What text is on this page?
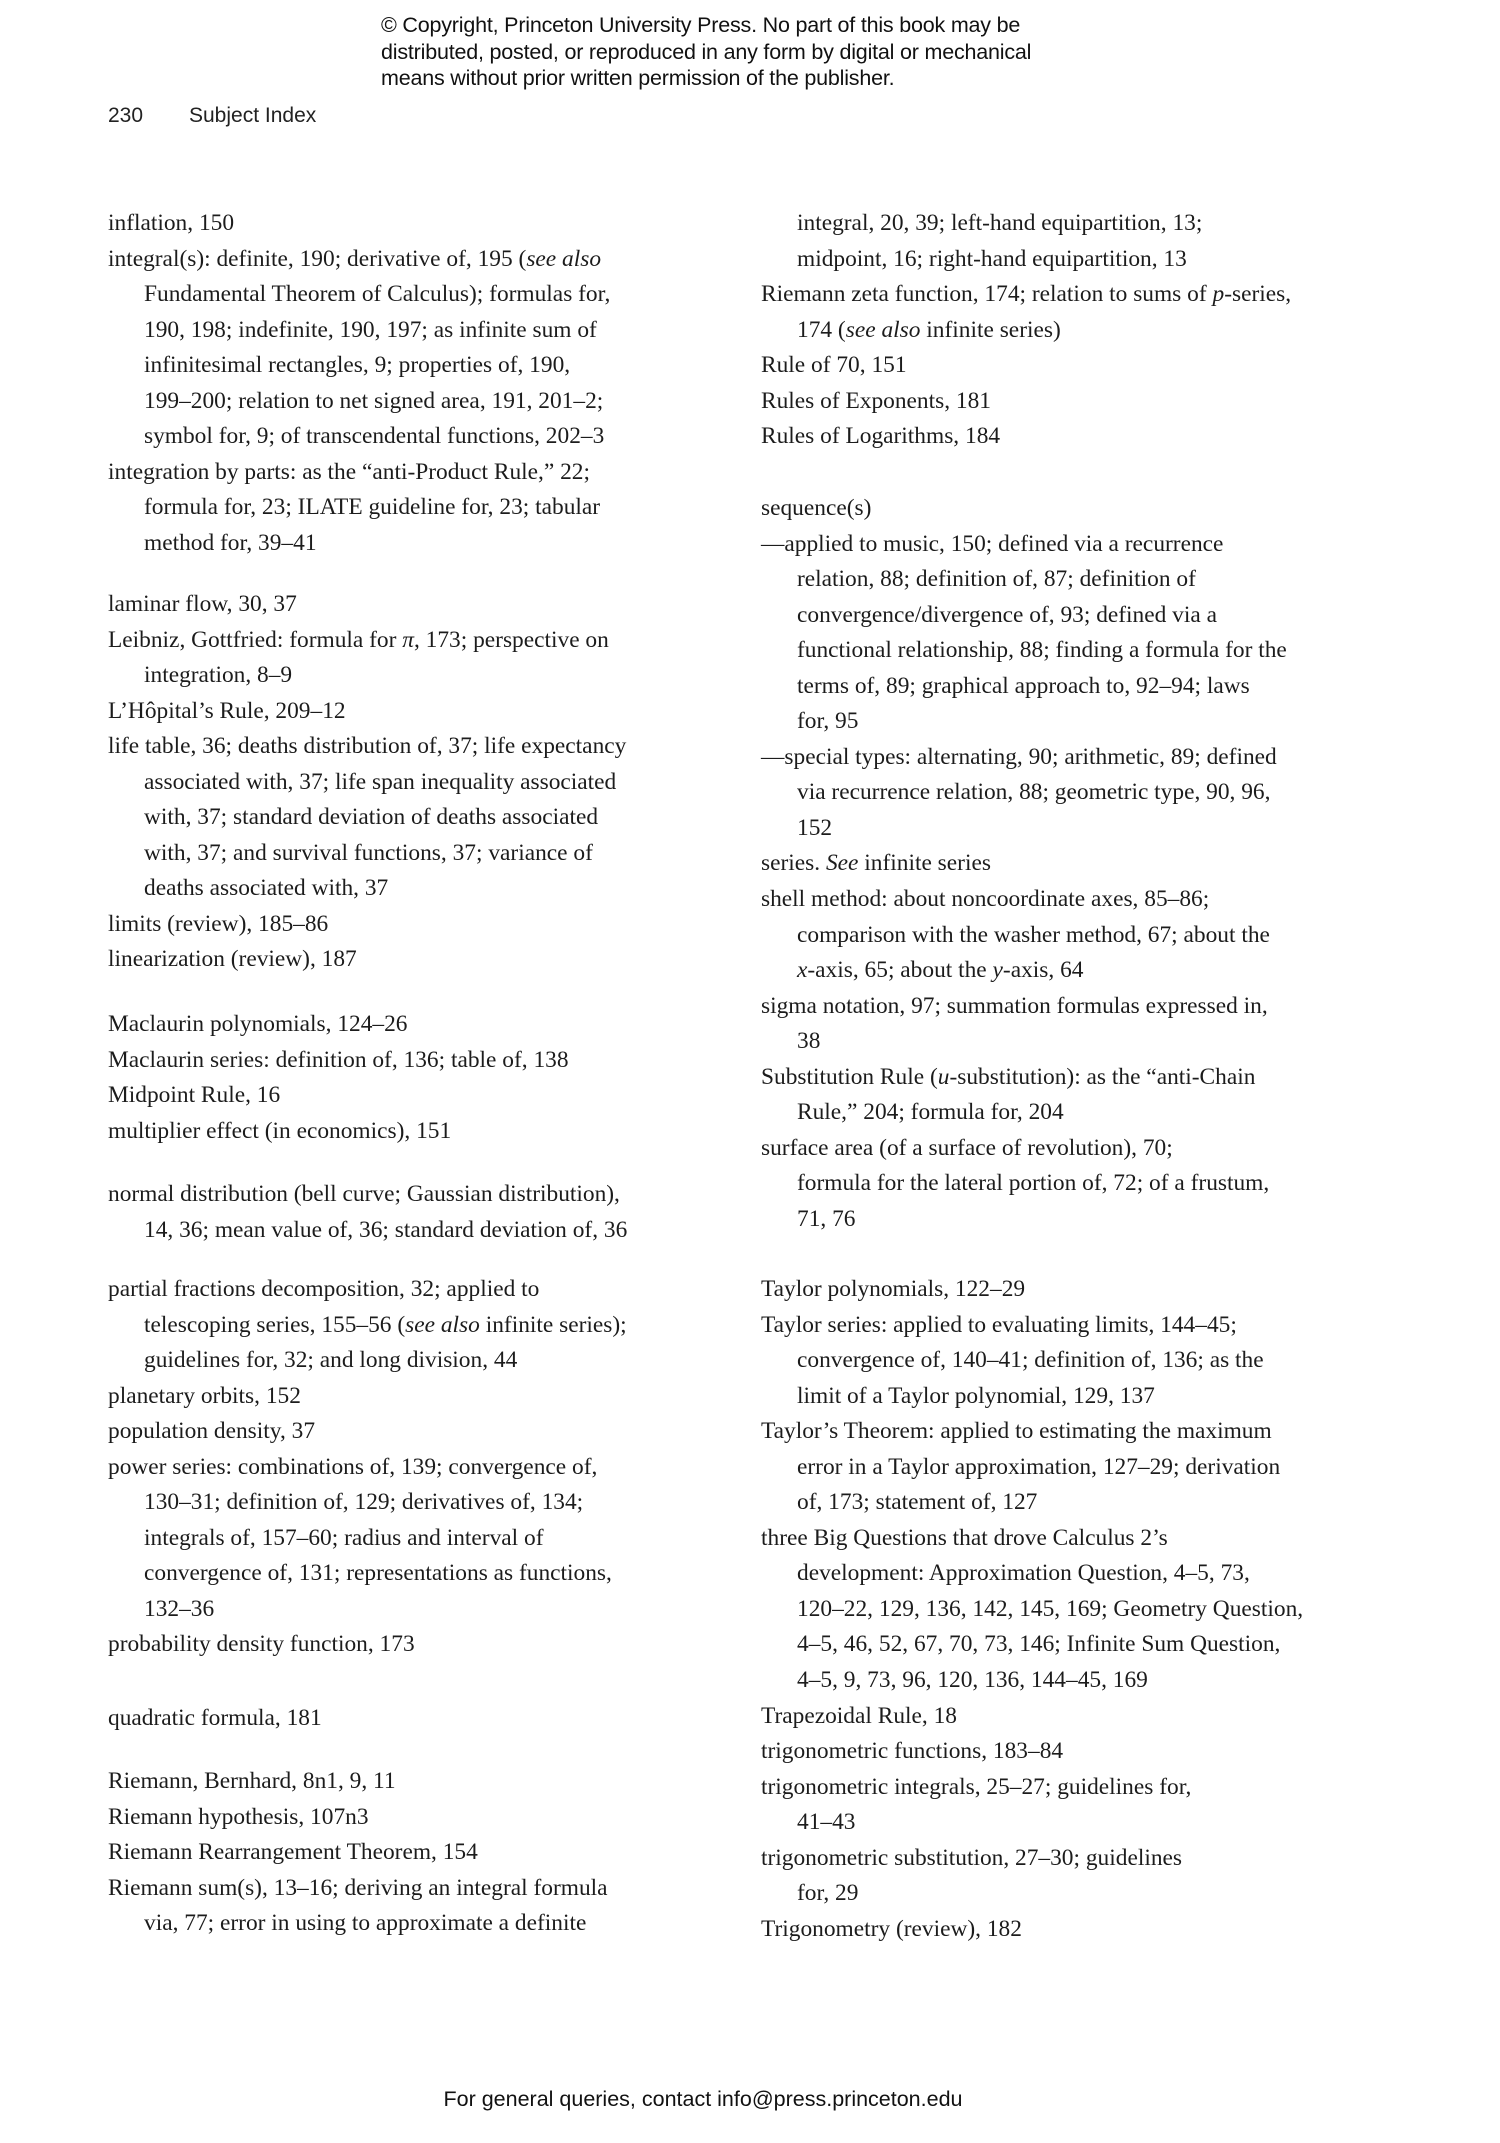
© Copyright, Princeton University Press. No part of this book may be
distributed, posted, or reproduced in any form by digital or mechanical
means without prior written permission of the publisher.
230 Subject Index
inflation, 150
integral(s): definite, 190; derivative of, 195 (see also
Fundamental Theorem of Calculus); formulas for,
190, 198; indefinite, 190, 197; as infinite sum of
infinitesimal rectangles, 9; properties of, 190,
199–200; relation to net signed area, 191, 201–2;
symbol for, 9; of transcendental functions, 202–3
integration by parts: as the “anti-Product Rule,” 22;
formula for, 23; ILATE guideline for, 23; tabular
method for, 39–41
laminar flow, 30, 37
Leibniz, Gottfried: formula for π, 173; perspective on
integration, 8–9
L’Hôpital’s Rule, 209–12
life table, 36; deaths distribution of, 37; life expectancy
associated with, 37; life span inequality associated
with, 37; standard deviation of deaths associated
with, 37; and survival functions, 37; variance of
deaths associated with, 37
limits (review), 185–86
linearization (review), 187
Maclaurin polynomials, 124–26
Maclaurin series: definition of, 136; table of, 138
Midpoint Rule, 16
multiplier effect (in economics), 151
normal distribution (bell curve; Gaussian distribution),
14, 36; mean value of, 36; standard deviation of, 36
partial fractions decomposition, 32; applied to
telescoping series, 155–56 (see also infinite series);
guidelines for, 32; and long division, 44
planetary orbits, 152
population density, 37
power series: combinations of, 139; convergence of,
130–31; definition of, 129; derivatives of, 134;
integrals of, 157–60; radius and interval of
convergence of, 131; representations as functions,
132–36
probability density function, 173
quadratic formula, 181
Riemann, Bernhard, 8n1, 9, 11
Riemann hypothesis, 107n3
Riemann Rearrangement Theorem, 154
Riemann sum(s), 13–16; deriving an integral formula
via, 77; error in using to approximate a definite
integral, 20, 39; left-hand equipartition, 13;
midpoint, 16; right-hand equipartition, 13
Riemann zeta function, 174; relation to sums of p-series,
174 (see also infinite series)
Rule of 70, 151
Rules of Exponents, 181
Rules of Logarithms, 184
sequence(s)
—applied to music, 150; defined via a recurrence
relation, 88; definition of, 87; definition of
convergence/divergence of, 93; defined via a
functional relationship, 88; finding a formula for the
terms of, 89; graphical approach to, 92–94; laws
for, 95
—special types: alternating, 90; arithmetic, 89; defined
via recurrence relation, 88; geometric type, 90, 96,
152
series. See infinite series
shell method: about noncoordinate axes, 85–86;
comparison with the washer method, 67; about the
x-axis, 65; about the y-axis, 64
sigma notation, 97; summation formulas expressed in,
38
Substitution Rule (u-substitution): as the “anti-Chain
Rule,” 204; formula for, 204
surface area (of a surface of revolution), 70;
formula for the lateral portion of, 72; of a frustum,
71, 76
Taylor polynomials, 122–29
Taylor series: applied to evaluating limits, 144–45;
convergence of, 140–41; definition of, 136; as the
limit of a Taylor polynomial, 129, 137
Taylor’s Theorem: applied to estimating the maximum
error in a Taylor approximation, 127–29; derivation
of, 173; statement of, 127
three Big Questions that drove Calculus 2’s
development: Approximation Question, 4–5, 73,
120–22, 129, 136, 142, 145, 169; Geometry Question,
4–5, 46, 52, 67, 70, 73, 146; Infinite Sum Question,
4–5, 9, 73, 96, 120, 136, 144–45, 169
Trapezoidal Rule, 18
trigonometric functions, 183–84
trigonometric integrals, 25–27; guidelines for,
41–43
trigonometric substitution, 27–30; guidelines
for, 29
Trigonometry (review), 182
For general queries, contact info@press.princeton.edu
